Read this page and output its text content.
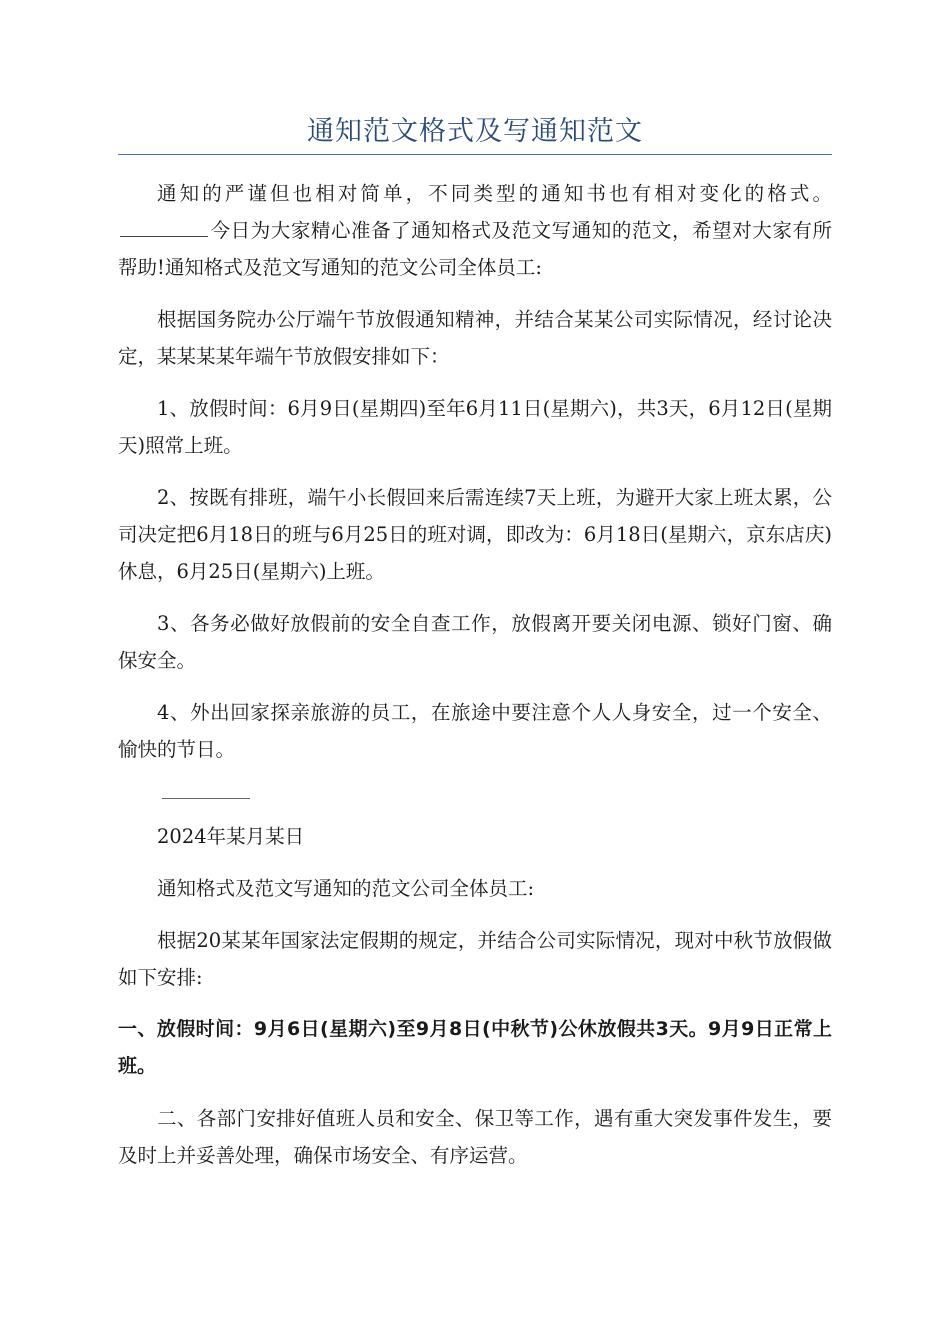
通知范文格式及写通知范文

通知的严谨但也相对简单，不同类型的通知书也有相对变化的格式。今日为大家精心准备了通知格式及范文写通知的范文，希望对大家有所帮助!通知格式及范文写通知的范文公司全体员工:

根据国务院办公厅端午节放假通知精神，并结合某某公司实际情况，经讨论决定，某某某某年端午节放假安排如下：

1、放假时间：6月9日(星期四)至年6月11日(星期六)，共3天，6月12日(星期天)照常上班。

2、按既有排班，端午小长假回来后需连续7天上班，为避开大家上班太累，公司决定把6月18日的班与6月25日的班对调，即改为：6月18日(星期六，京东店庆)休息，6月25日(星期六)上班。

3、各务必做好放假前的安全自查工作，放假离开要关闭电源、锁好门窗、确保安全。

4、外出回家探亲旅游的员工，在旅途中要注意个人人身安全，过一个安全、愉快的节日。

2024年某月某日

通知格式及范文写通知的范文公司全体员工:

根据20某某年国家法定假期的规定，并结合公司实际情况，现对中秋节放假做如下安排:

一、放假时间：9月6日(星期六)至9月8日(中秋节)公休放假共3天。9月9日正常上班。

二、各部门安排好值班人员和安全、保卫等工作，遇有重大突发事件发生，要及时上并妥善处理，确保市场安全、有序运营。
